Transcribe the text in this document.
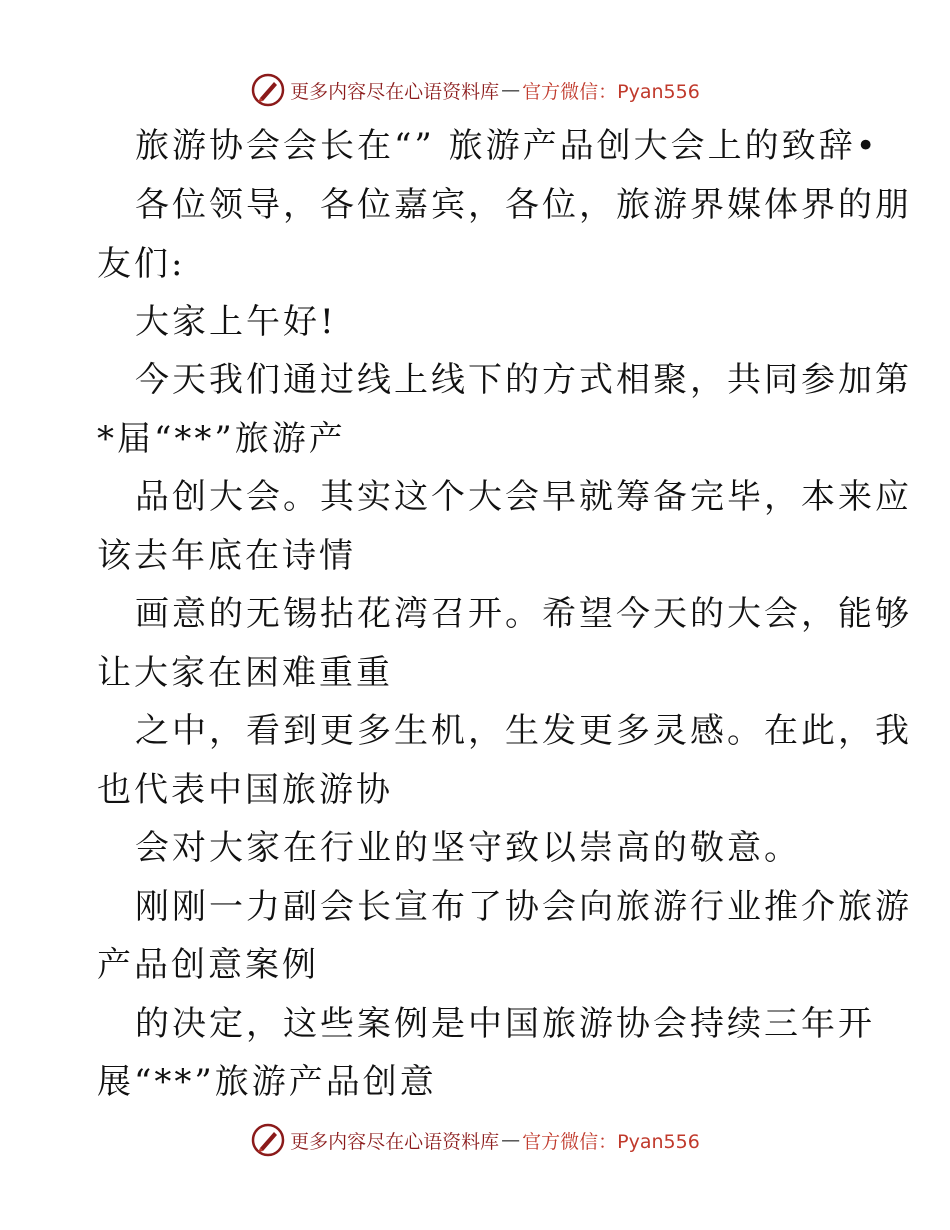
更多内容尽在心语资料库 — 官方微信：Pyan556
旅游协会会长在“” 旅游产品创大会上的致辞•
各位领导，各位嘉宾，各位，旅游界媒体界的朋
友们:
大家上午好!
今天我们通过线上线下的方式相聚，共同参加第
*届“**”旅游产
品创大会。其实这个大会早就筹备完毕，本来应
该去年底在诗情
画意的无锡拈花湾召开。希望今天的大会，能够
让大家在困难重重
之中，看到更多生机，生发更多灵感。在此，我
也代表中国旅游协
会对大家在行业的坚守致以崇高的敬意。
刚刚一力副会长宣布了协会向旅游行业推介旅游
产品创意案例
的决定，这些案例是中国旅游协会持续三年开
展“**”旅游产品创意
更多内容尽在心语资料库 — 官方微信：Pyan556
